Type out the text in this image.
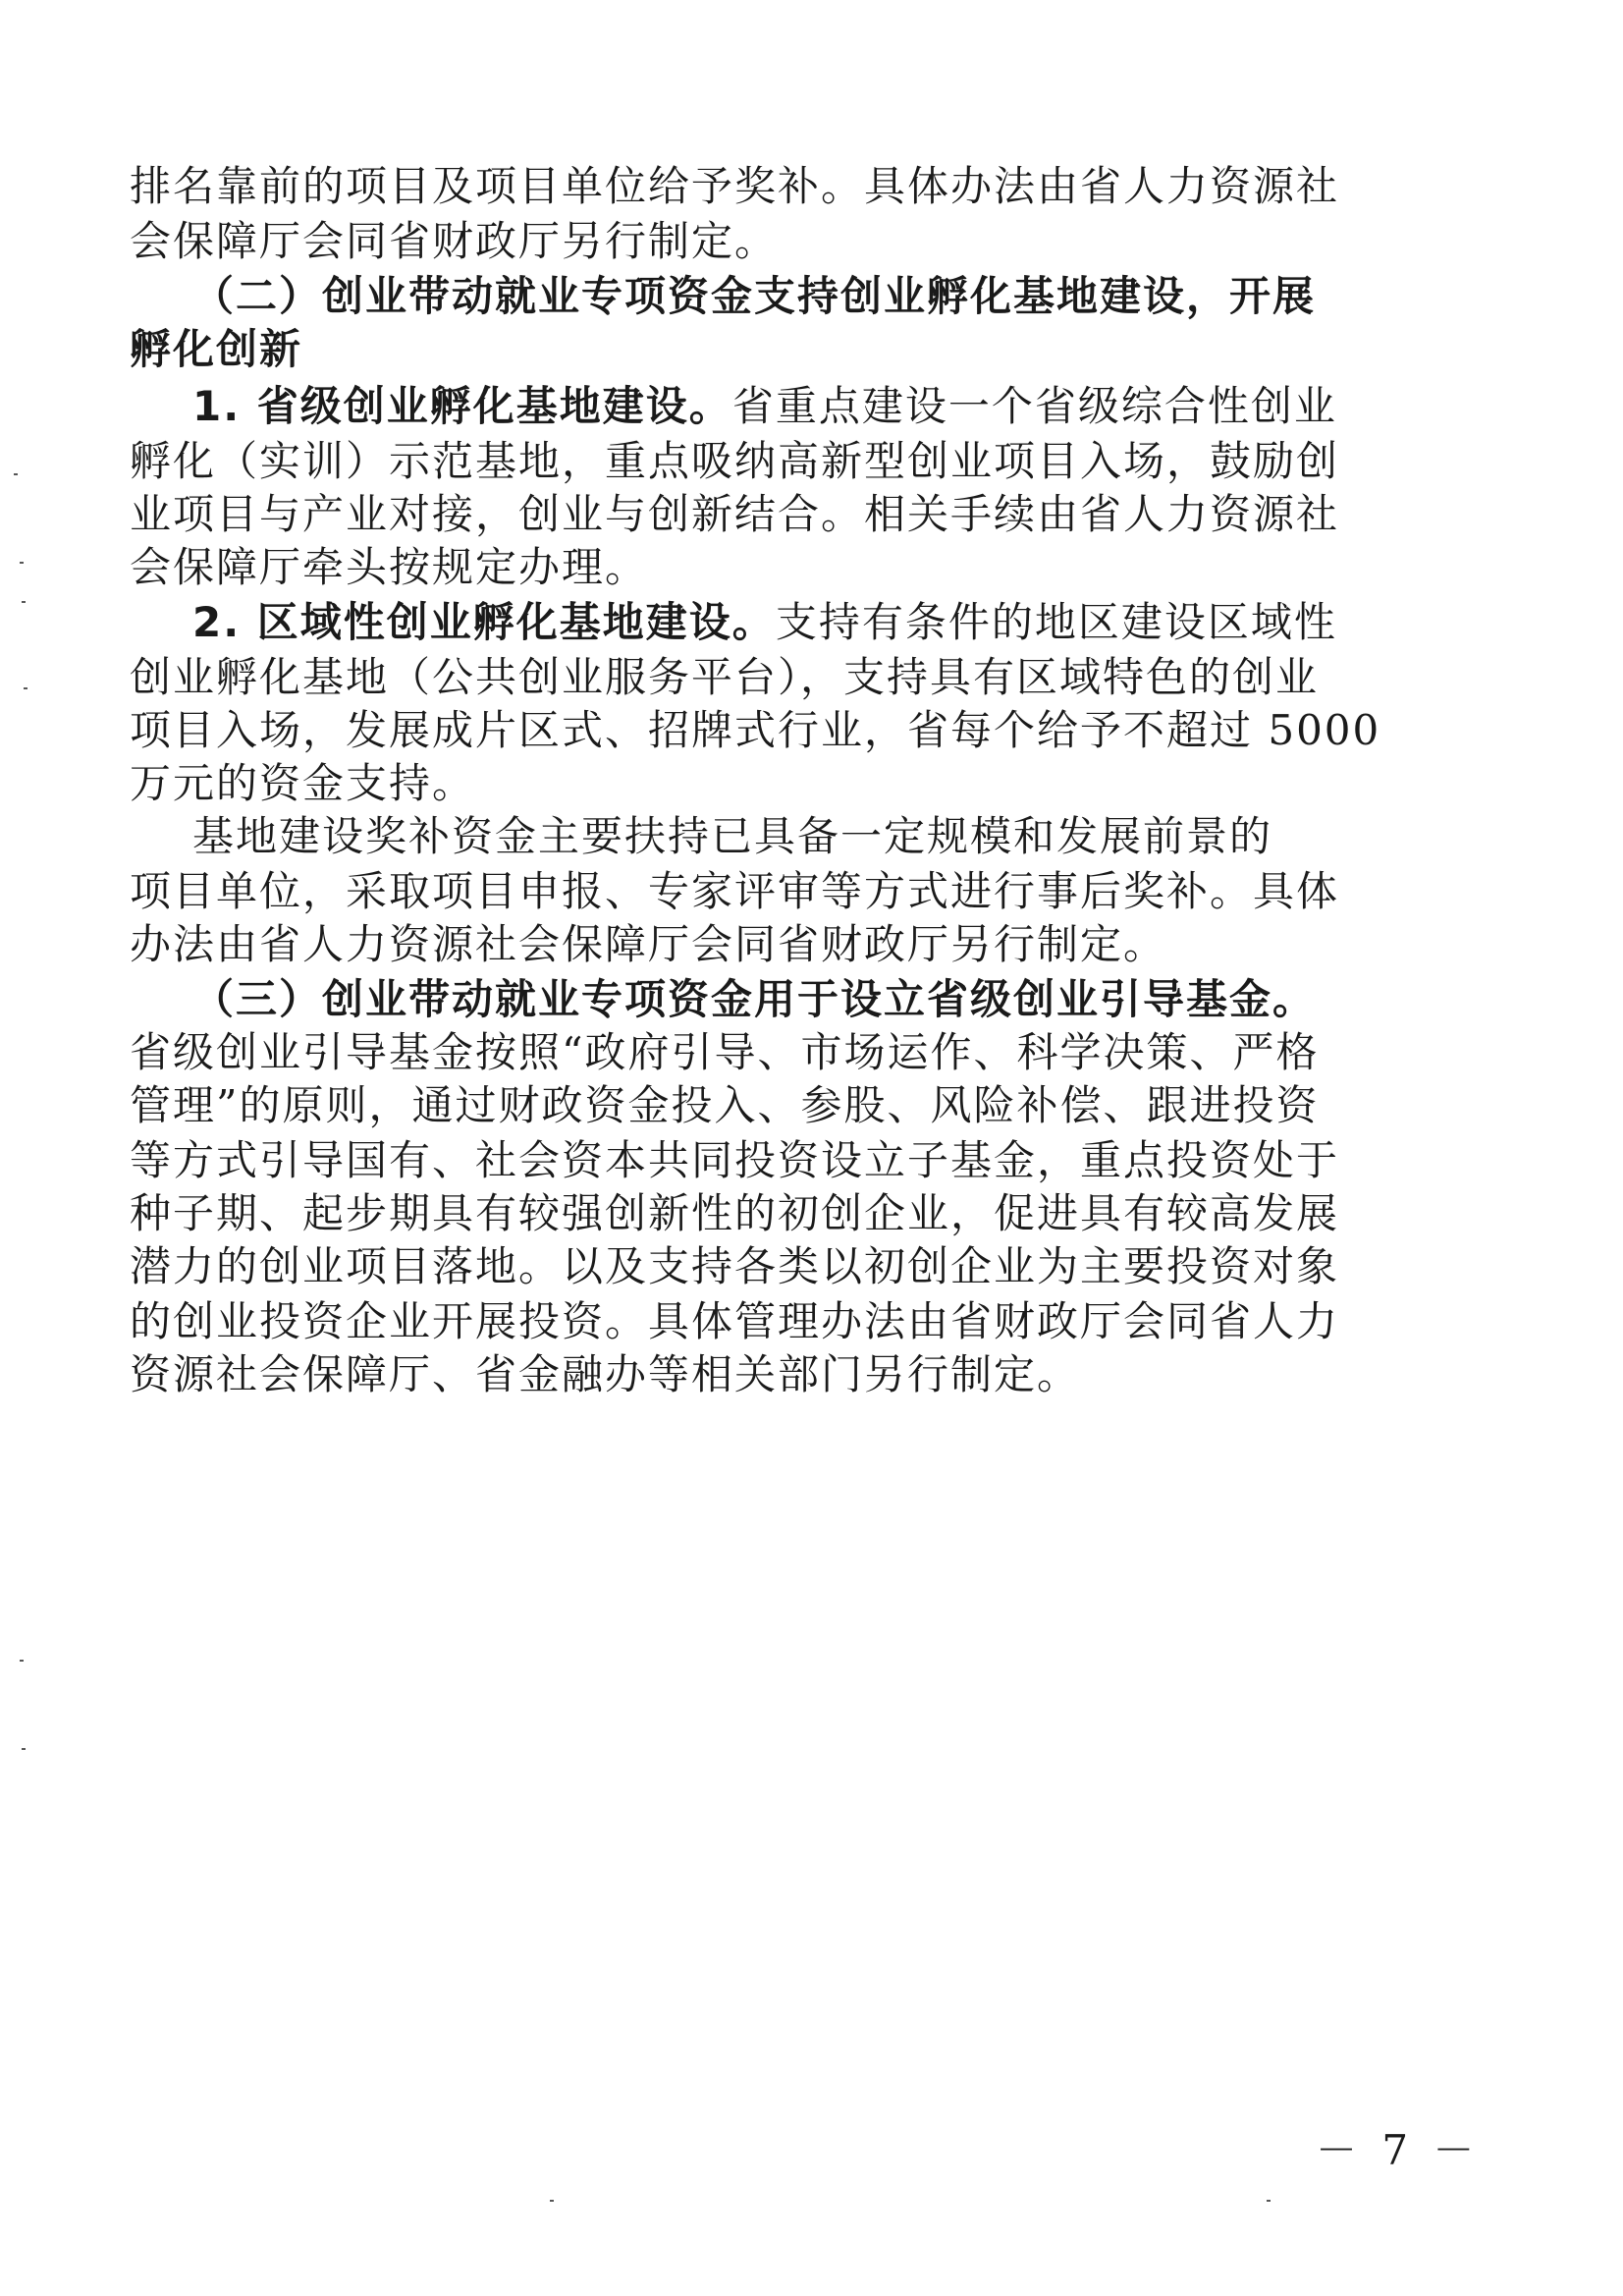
排名靠前的项目及项目单位给予奖补。具体办法由省人力资源社
会保障厅会同省财政厅另行制定。
（二）创业带动就业专项资金支持创业孵化基地建设，开展
孵化创新
1. 省级创业孵化基地建设。省重点建设一个省级综合性创业
孵化（实训）示范基地，重点吸纳高新型创业项目入场，鼓励创
业项目与产业对接，创业与创新结合。相关手续由省人力资源社
会保障厅牵头按规定办理。
2. 区域性创业孵化基地建设。支持有条件的地区建设区域性
创业孵化基地（公共创业服务平台），支持具有区域特色的创业
项目入场，发展成片区式、招牌式行业，省每个给予不超过 5000
万元的资金支持。
基地建设奖补资金主要扶持已具备一定规模和发展前景的
项目单位，采取项目申报、专家评审等方式进行事后奖补。具体
办法由省人力资源社会保障厅会同省财政厅另行制定。
（三）创业带动就业专项资金用于设立省级创业引导基金。
省级创业引导基金按照“政府引导、市场运作、科学决策、严格
管理”的原则，通过财政资金投入、参股、风险补偿、跟进投资
等方式引导国有、社会资本共同投资设立子基金，重点投资处于
种子期、起步期具有较强创新性的初创企业，促进具有较高发展
潜力的创业项目落地。以及支持各类以初创企业为主要投资对象
的创业投资企业开展投资。具体管理办法由省财政厅会同省人力
资源社会保障厅、省金融办等相关部门另行制定。
－ 7 －
